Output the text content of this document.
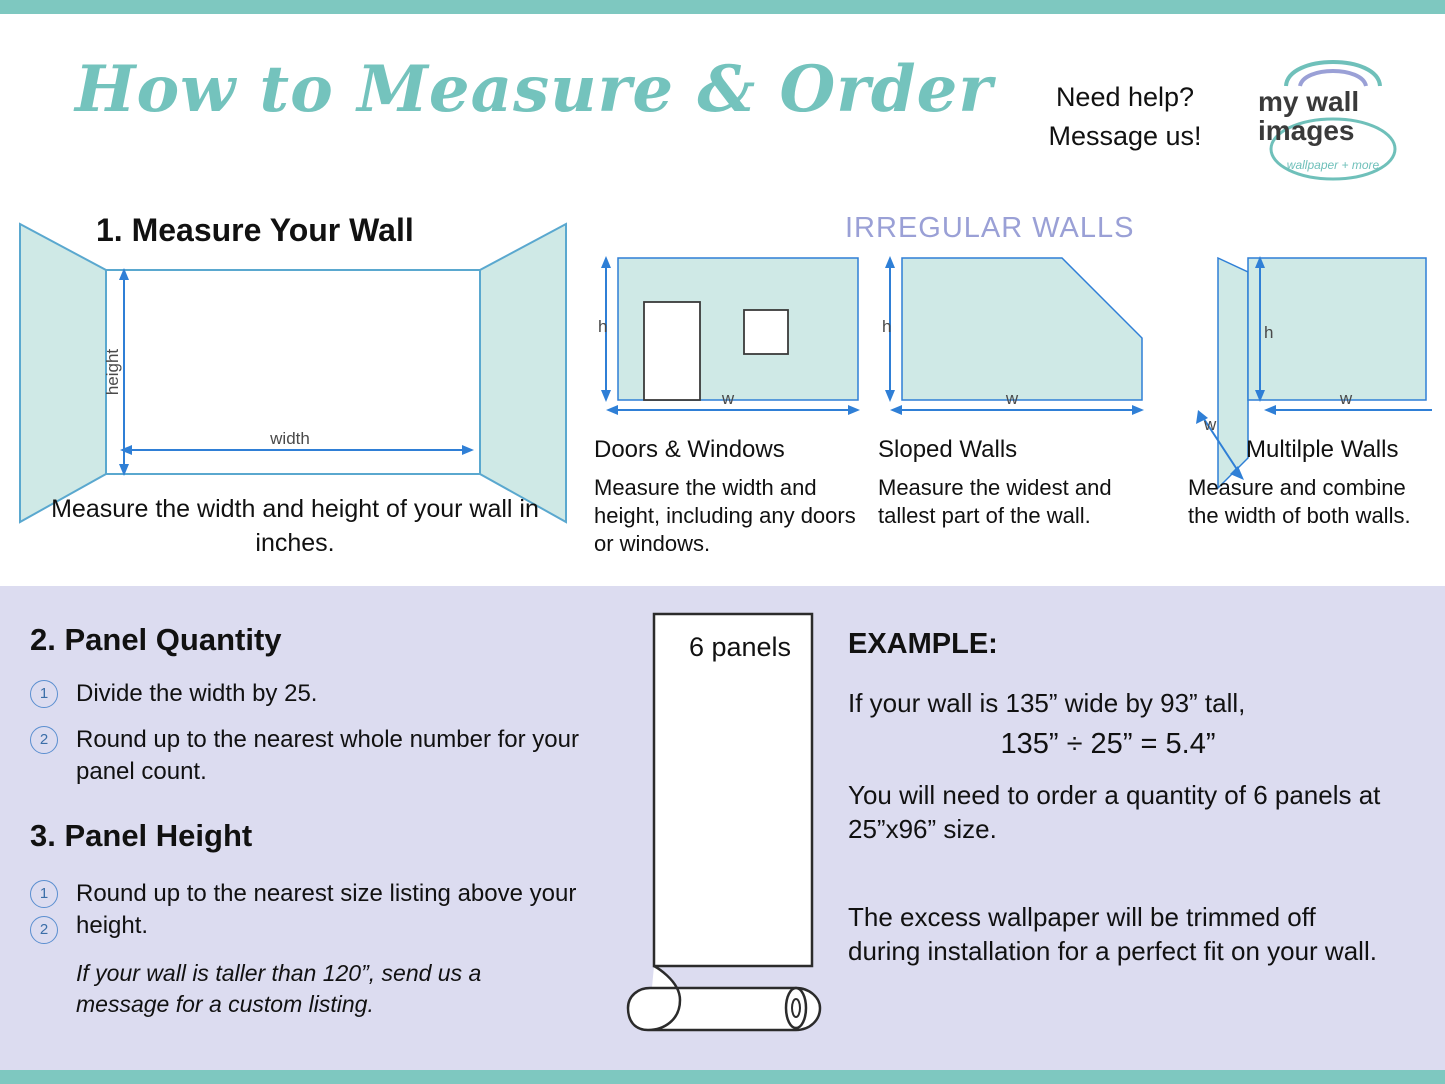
How to Measure & Order	Need help?
Message us!
my wall
images
wallpaper + more
1. Measure Your Wall
height
width
Measure the width and height of your wall in inches.
IRREGULAR WALLS
h
w
Doors & Windows
Measure the width and height, including any doors or windows.
h
w
Sloped Walls
Measure the widest and tallest part of the wall.
h
w
w
Multilple Walls
Measure and combine the width of both walls.
2. Panel Quantity
1	Divide the width by 25.
2	Round up to the nearest whole number for your panel count.
3. Panel Height
1	Round up to the nearest size listing above your height.
2
If your wall is taller than 120”, send us a message for a custom listing.
6 panels	EXAMPLE:
If your wall is 135” wide by 93” tall,
135” ÷ 25” = 5.4”
You will need to order a quantity of 6 panels at 25”x96” size.
The excess wallpaper will be trimmed off during installation for a perfect fit on your wall.
